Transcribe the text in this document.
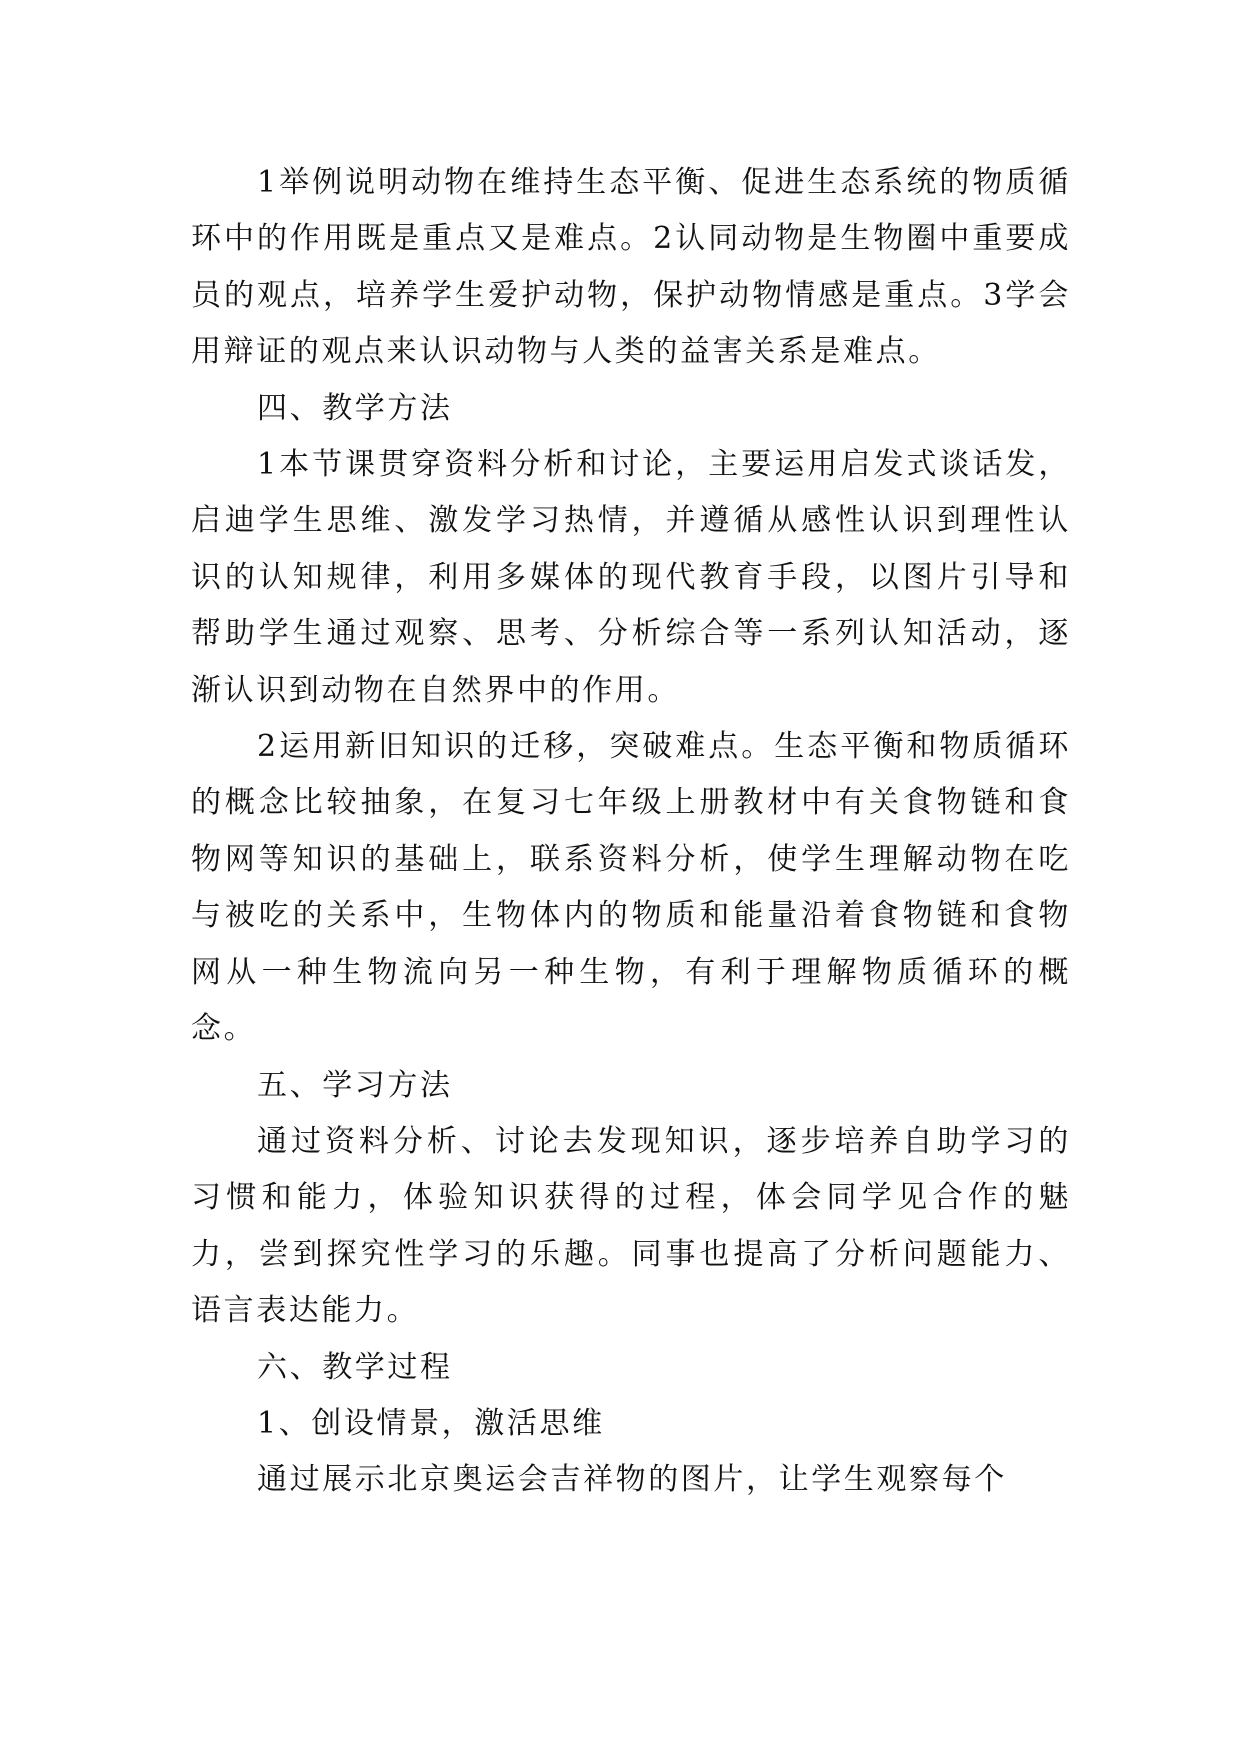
1举例说明动物在维持生态平衡、促进生态系统的物质循环中的作用既是重点又是难点。2认同动物是生物圈中重要成员的观点，培养学生爱护动物，保护动物情感是重点。3学会用辩证的观点来认识动物与人类的益害关系是难点。

四、教学方法

1本节课贯穿资料分析和讨论，主要运用启发式谈话发，启迪学生思维、激发学习热情，并遵循从感性认识到理性认识的认知规律，利用多媒体的现代教育手段，以图片引导和帮助学生通过观察、思考、分析综合等一系列认知活动，逐渐认识到动物在自然界中的作用。

2运用新旧知识的迁移，突破难点。生态平衡和物质循环的概念比较抽象，在复习七年级上册教材中有关食物链和食物网等知识的基础上，联系资料分析，使学生理解动物在吃与被吃的关系中，生物体内的物质和能量沿着食物链和食物网从一种生物流向另一种生物，有利于理解物质循环的概念。

五、学习方法

通过资料分析、讨论去发现知识，逐步培养自助学习的习惯和能力，体验知识获得的过程，体会同学见合作的魅力，尝到探究性学习的乐趣。同事也提高了分析问题能力、语言表达能力。

六、教学过程

1、创设情景，激活思维

通过展示北京奥运会吉祥物的图片，让学生观察每个
